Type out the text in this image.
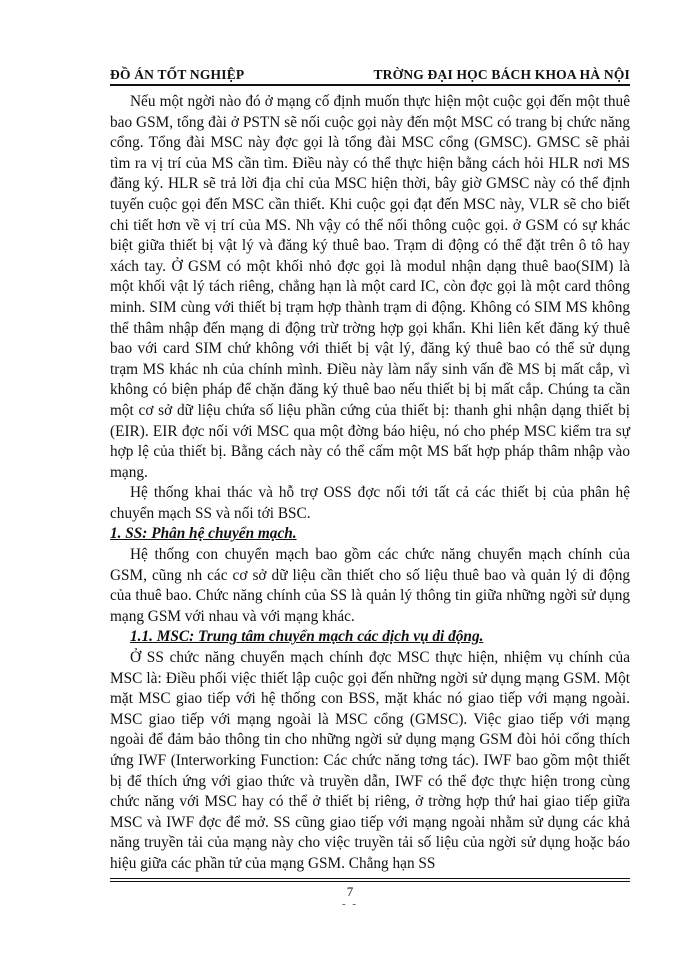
ĐỒ ÁN TỐT NGHIỆP	TRỜNG ĐẠI HỌC BÁCH KHOA HÀ NỘI

Nếu một ngời nào đó ở mạng cố định muốn thực hiện một cuộc gọi đến một thuê bao GSM, tổng đài ở PSTN sẽ nối cuộc gọi này đến một MSC có trang bị chức năng cổng. Tổng đài MSC này đợc gọi là tổng đài MSC cổng (GMSC). GMSC sẽ phải tìm ra vị trí của MS cần tìm. Điều này có thể thực hiện bằng cách hỏi HLR nơi MS đăng ký. HLR sẽ trả lời địa chỉ của MSC hiện thời, bây giờ GMSC này có thể định tuyến cuộc gọi đến MSC cần thiết. Khi cuộc gọi đạt đến MSC này, VLR sẽ cho biết chi tiết hơn về vị trí của MS. Nh vậy có thể nối thông cuộc gọi. ở GSM có sự khác biệt giữa thiết bị vật lý và đăng ký thuê bao. Trạm di động có thể đặt trên ô tô hay xách tay. Ở GSM có một khối nhỏ đợc gọi là modul nhận dạng thuê bao(SIM) là một khối vật lý tách riêng, chẳng hạn là một card IC, còn đợc gọi là một card thông minh. SIM cùng với thiết bị trạm hợp thành trạm di động. Không có SIM MS không thể thâm nhập đến mạng di động trừ trờng hợp gọi khẩn. Khi liên kết đăng ký thuê bao với card SIM chứ không với thiết bị vật lý, đăng ký thuê bao có thể sử dụng trạm MS khác nh của chính mình. Điều này làm nẩy sinh vấn đề MS bị mất cắp, vì không có biện pháp để chặn đăng ký thuê bao nếu thiết bị bị mất cắp. Chúng ta cần một cơ sở dữ liệu chứa số liệu phần cứng của thiết bị: thanh ghi nhận dạng thiết bị (EIR). EIR đợc nối với MSC qua một đờng báo hiệu, nó cho phép MSC kiểm tra sự hợp lệ của thiết bị. Bằng cách này có thể cấm một MS bất hợp pháp thâm nhập vào mạng.

Hệ thống khai thác và hỗ trợ OSS đợc nối tới tất cả các thiết bị của phân hệ chuyển mạch SS và nối tới BSC.

1. SS: Phân hệ chuyển mạch.

Hệ thống con chuyển mạch bao gồm các chức năng chuyển mạch chính của GSM, cũng nh các cơ sở dữ liệu cần thiết cho số liệu thuê bao và quản lý di động của thuê bao. Chức năng chính của SS là quản lý thông tin giữa những ngời sử dụng mạng GSM với nhau và với mạng khác.

1.1. MSC: Trung tâm chuyển mạch các dịch vụ di động.

Ở SS chức năng chuyển mạch chính đợc MSC thực hiện, nhiệm vụ chính của MSC là: Điều phối việc thiết lập cuộc gọi đến những ngời sử dụng mạng GSM. Một mặt MSC giao tiếp với hệ thống con BSS, mặt khác nó giao tiếp với mạng ngoài. MSC giao tiếp với mạng ngoài là MSC cổng (GMSC). Việc giao tiếp với mạng ngoài để đảm bảo thông tin cho những ngời sử dụng mạng GSM đòi hỏi cổng thích ứng IWF (Interworking Function: Các chức năng tơng tác). IWF bao gồm một thiết bị để thích ứng với giao thức và truyền dẫn, IWF có thể đợc thực hiện trong cùng chức năng với MSC hay có thể ở thiết bị riêng, ở trờng hợp thứ hai giao tiếp giữa MSC và IWF đợc để mở. SS cũng giao tiếp với mạng ngoài nhằm sử dụng các khả năng truyền tải của mạng này cho việc truyền tải số liệu của ngời sử dụng hoặc báo hiệu giữa các phần tử của mạng GSM. Chẳng hạn SS

7
- -
